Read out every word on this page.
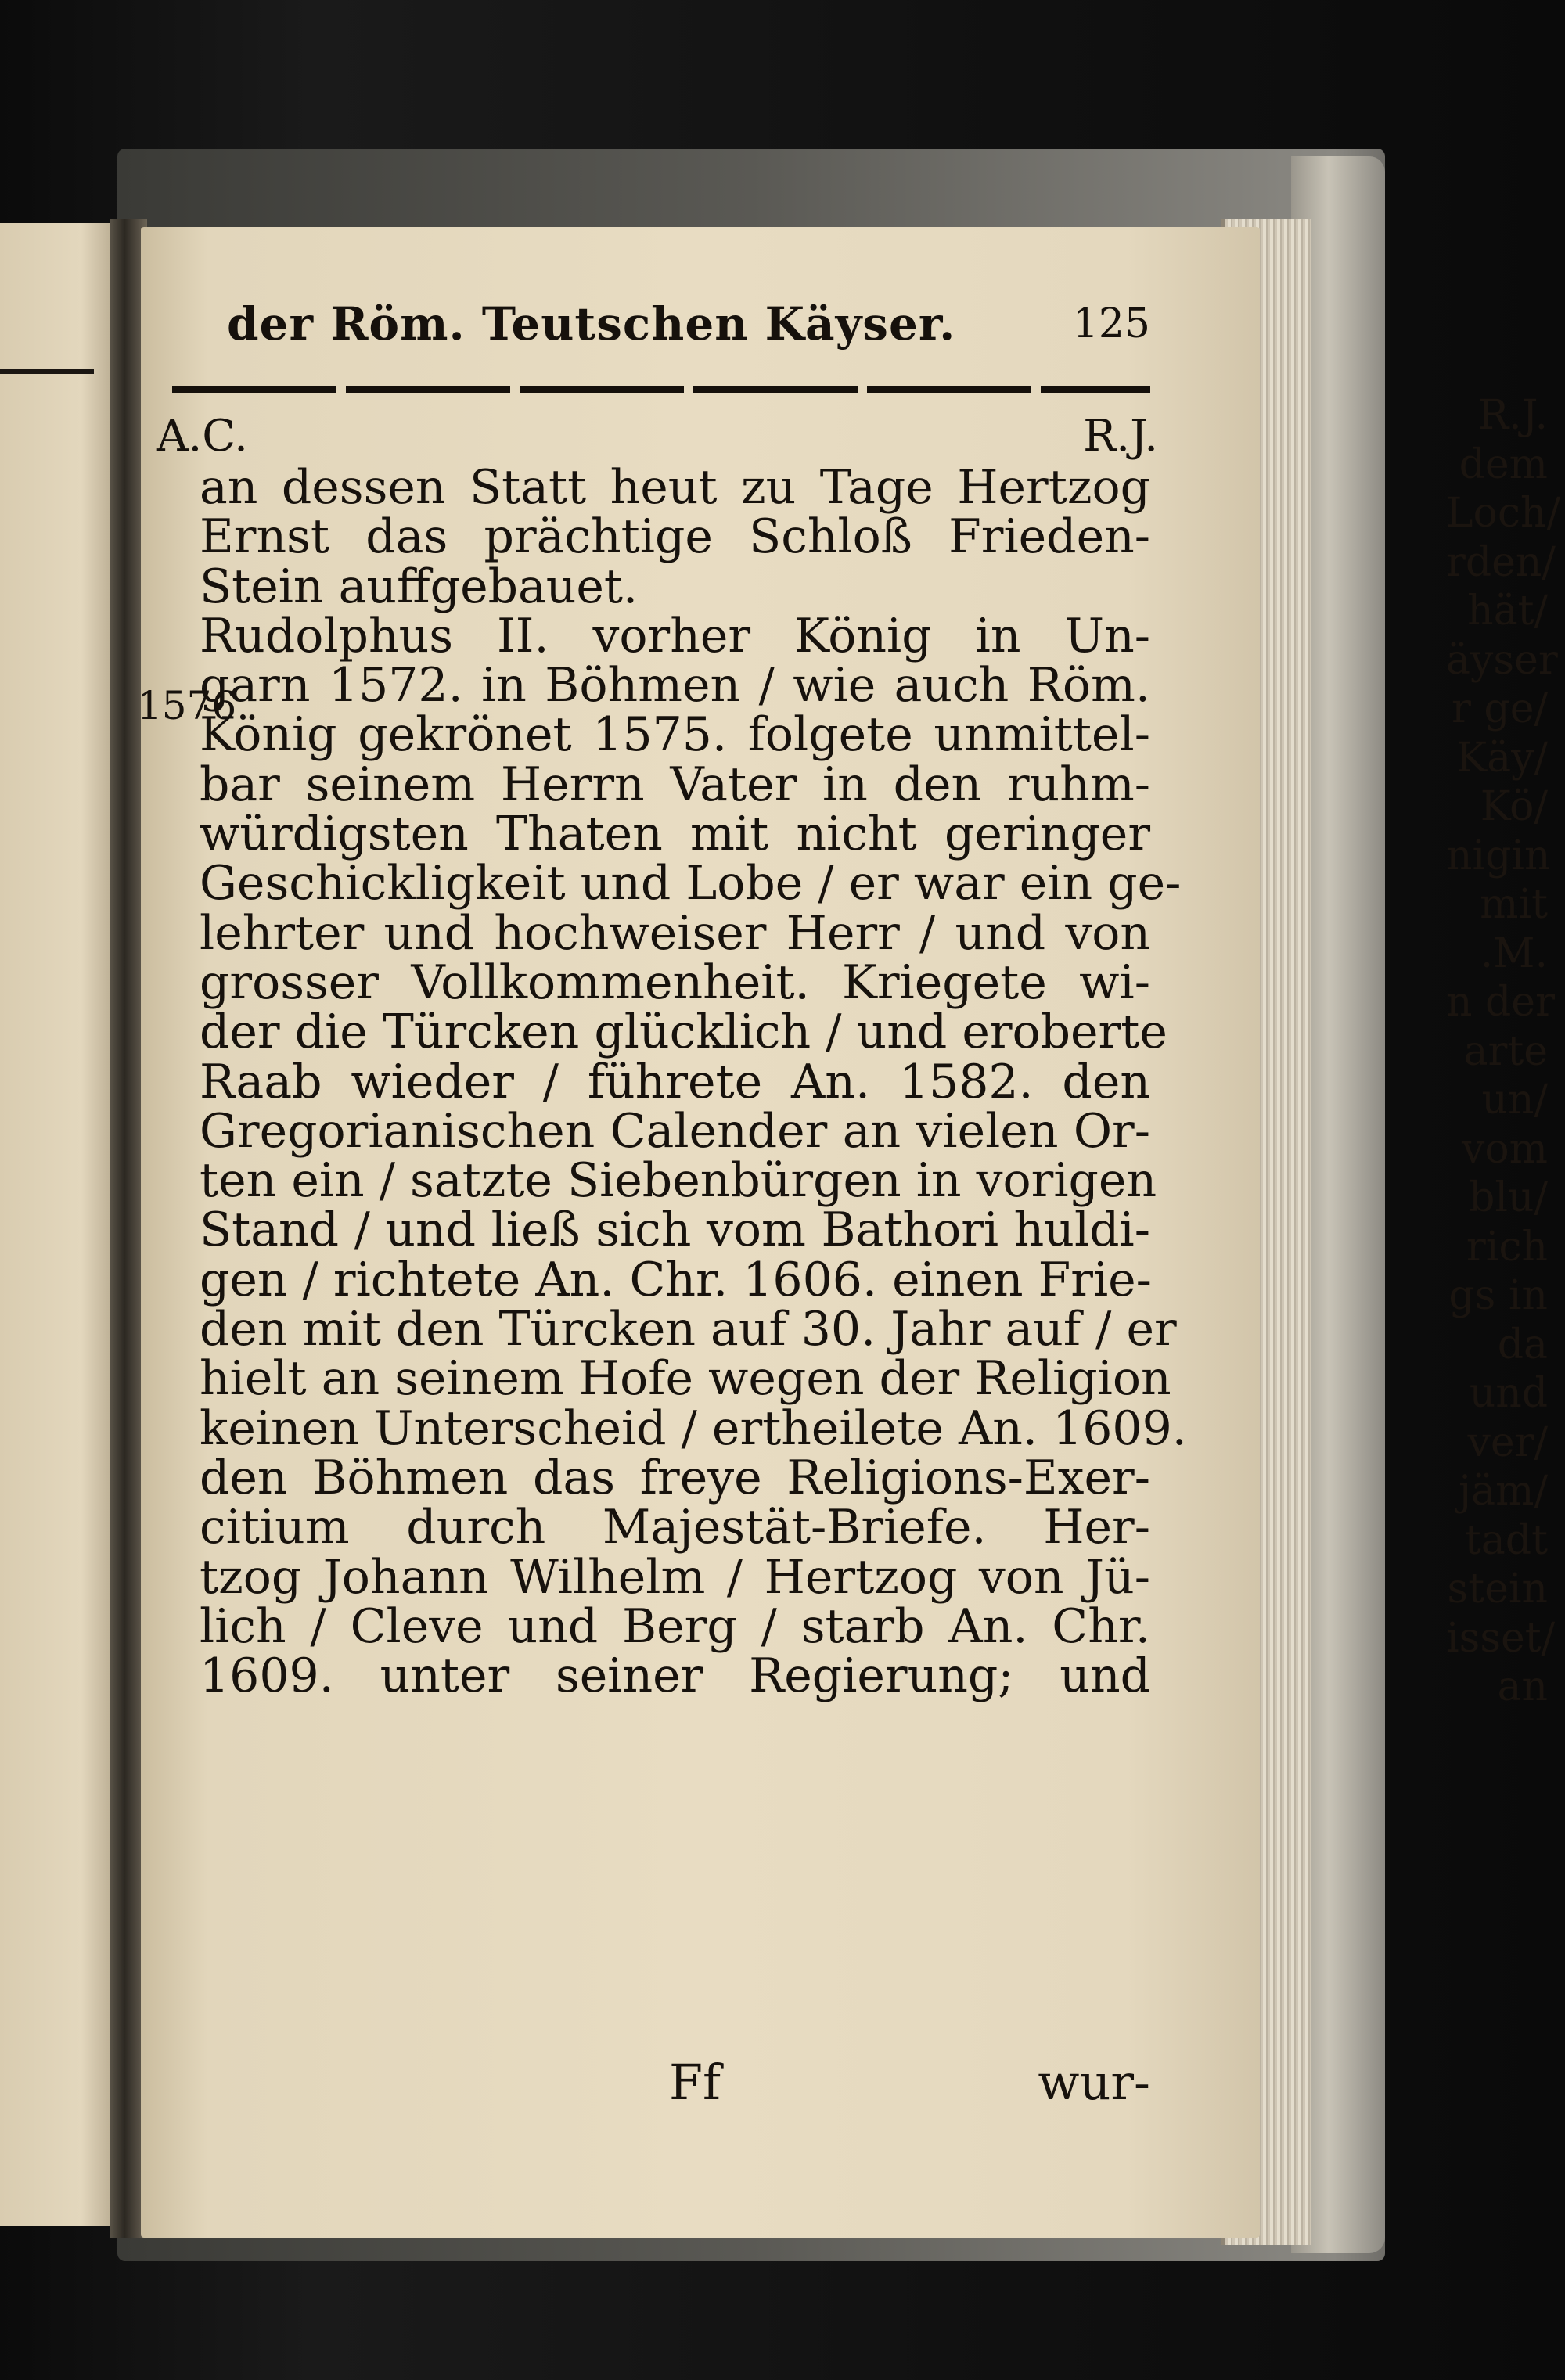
R.J.
dem
Loch/
rden/
hät/
äyser
r ge/
Käy/
Kö/
nigin
mit
.M.
n der
arte
un/
vom
blu/
rich
gs in
da
und
ver/
jäm/
tadt
stein
isset/
an
der Röm. Teutschen Käyser.	125
A.C.	R.J.
1576.
an dessen Statt heut zu Tage Hertzog
Ernst das prächtige Schloß Frieden-
Stein auffgebauet.
Rudolphus II. vorher König in Un-
garn 1572. in Böhmen / wie auch Röm.
König gekrönet 1575. folgete unmittel-
bar seinem Herrn Vater in den ruhm-
würdigsten Thaten mit nicht geringer
Geschickligkeit und Lobe / er war ein ge-
lehrter und hochweiser Herr / und von
grosser Vollkommenheit. Kriegete wi-
der die Türcken glücklich / und eroberte
Raab wieder / führete An. 1582. den
Gregorianischen Calender an vielen Or-
ten ein / satzte Siebenbürgen in vorigen
Stand / und ließ sich vom Bathori huldi-
gen / richtete An. Chr. 1606. einen Frie-
den mit den Türcken auf 30. Jahr auf / er
hielt an seinem Hofe wegen der Religion
keinen Unterscheid / ertheilete An. 1609.
den Böhmen das freye Religions-Exer-
citium durch Majestät-Briefe. Her-
tzog Johann Wilhelm / Hertzog von Jü-
lich / Cleve und Berg / starb An. Chr.
1609. unter seiner Regierung; und
Ff	wur-
